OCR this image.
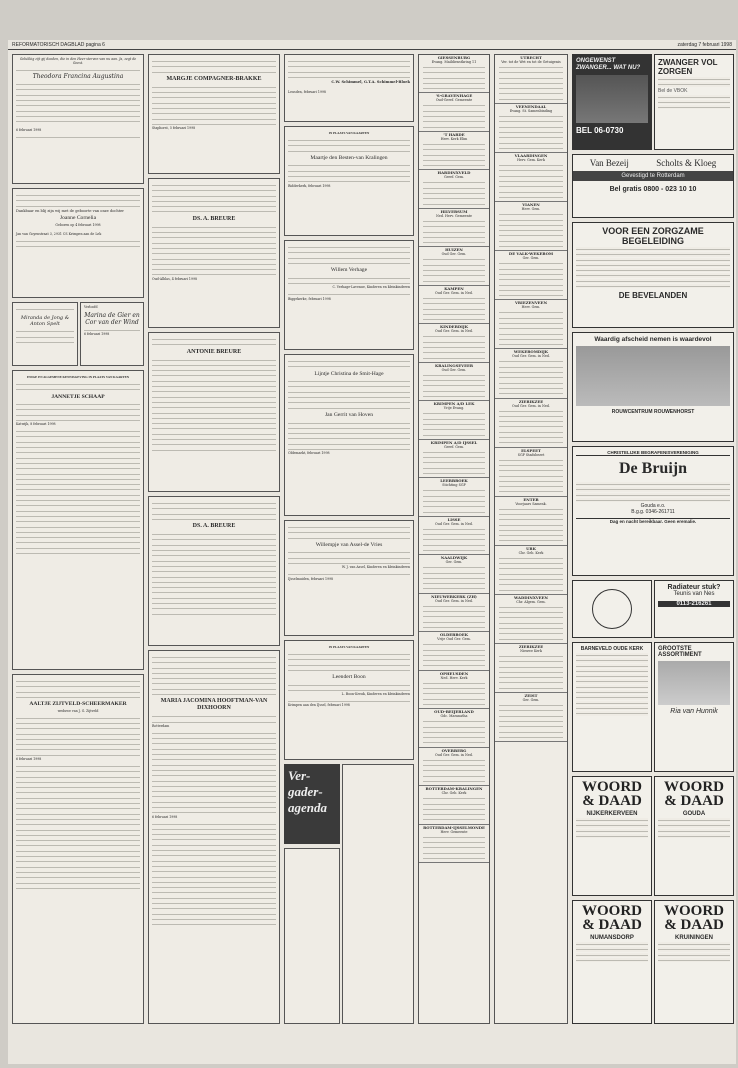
REFORMATORISCH DAGBLAD pagina 6	zaterdag 7 februari 1998

Gelukkig zijt gij dooden, die in den Heer sterven van nu aan. Ja, zegt de Geest.

Theodora Francina Augustina

6 februari 1998

Dankbaar en blij zijn wij met de geboorte van onze dochter

Joanne Cornelia

Geboren op 4 februari 1998

Jan van Goyenstraat 3, 2931 CS Krimpen aan de Lek

Miranda de Jong & Anton Spelt

Verloofd

Marina de Gier en Cor van der Wind

6 februari 1998

ENIGE EN ALGEMENE KENNISGEVING IN PLAATS VAN KAARTEN

JANNETJE SCHAAP

Katwijk, 8 februari 1998

AALTJE ZIJTVELD-SCHEERMAKER

weduwe van J. G. Zijtveld

6 februari 1998

MARGJE COMPAGNER-BRAKKE

Staphorst, 5 februari 1998

DS. A. BREURE

Oud-Alblas, 4 februari 1998

ANTONIE BREURE

DS. A. BREURE

MARIA JACOMINA HOOFTMAN-VAN DIXHOORN

Rotterdam

6 februari 1998

C.W. Schimmel, G.T.A. Schimmel-Bloek

Leusden, februari 1998

IN PLAATS VAN KAARTEN

Maartje den Besten-van Kralingen

Ridderkerk, februari 1998

Willem Verhage

C. Verhage-Lavenue, Kinderen en kleinkinderen

Biggekerke, februari 1998

Lijntje Christina de Smit-Hage

Jan Gerrit van Hoven

Oldemarkt, februari 1998

Willempje van Assel-de Vries

W. J. van Assel, Kinderen en kleinkinderen

IJsselmuiden, februari 1998

IN PLAATS VAN KAARTEN

Leendert Boon

L. Boon-Kreuk, Kinderen en kleinkinderen

Krimpen aan den IJssel, februari 1998

Ver-gader-agenda
GIESSENBURG
Evang. Maildienstkring 11
'S-GRAVENHAGE
Oud-Geref. Gemeente
'T HARDE
Herv. Kerk Elim
HARDINXVELD
Geref. Gem.
HILVERSUM
Ned. Herv. Gemeente
HUIZEN
Oud Ger. Gem.
KAMPEN
Oud Ger. Gem. in Ned.
KINDERDIJK
Oud Ger. Gem. in Ned.
KRALINGSEVEER
Oud Ger. Gem.
KRIMPEN A/D LEK
Vrije Evang.
KRIMPEN A/D IJSSEL
Geref. Gem.
LEERBROEK
Stichting SGP
LISSE
Oud Ger. Gem. in Ned.
NAALDWIJK
Ger. Gem.
NIEUWERKERK (ZH)
Oud Ger. Gem. in Ned.
OLDEBROEK
Vrije Oud Ger. Gem.
OPHEUSDEN
Ned. Herv. Kerk
OUD-BEIJERLAND
Gdc. Maranatha
OVERBERG
Oud Ger. Gem. in Ned.
ROTTERDAM-KRALINGEN
Chr. Geb. Kerk
ROTTERDAM-IJSSELMONDE
Herv. Gemeente
UTRECHT
Ver. tot de Wet en tot de Getuigenis
VEENENDAAL
Evang. St. Samenbinding
VLAARDINGEN
Herv. Gem. Kerk
VIANEN
Herv. Gem.
DE VALK-WEKEROM
Ger. Gem.
VRIEZENVEEN
Herv. Gem.
WEKEROMDIJK
Oud Ger. Gem. in Ned.
ZIERIKZEE
Oud Ger. Gem. in Ned.
ELSPEET
SGP Stadsbezet
ENTER
Voorjaars Samenk.
URK
Chr. Geb. Kerk
WADDINXVEEN
Chr. Algem. Gem.
ZIERIKZEE
Nieuwe Kerk
ZEIST
Ger. Gem.

ONGEWENST ZWANGER... WAT NU?

BEL 06-0730

ZWANGER VOL ZORGEN

Bel de VBOK

Van Bezeij	Scholts & Kloeg

Gevestigd te Rotterdam

Bel gratis 0800 - 023 10 10

VOOR EEN ZORGZAME BEGELEIDING

DE BEVELANDEN

Waardig afscheid nemen is waardevol

ROUWCENTRUM ROUWENHORST

CHRISTELIJKE BEGRAFENISVERENIGING

De Bruijn

Gouda e.o.

B.g.g. 0346-261711

Dag en nacht bereikbaar. Geen eremalie.

Radiateur stuk?

Teunis van Nes

0113-216261

BARNEVELD OUDE KERK	GROOTSTE ASSORTIMENT

Ria van Hunnik

WOORD & DAAD

NIJKERKERVEEN

WOORD & DAAD

GOUDA

WOORD & DAAD

NUMANSDORP

WOORD & DAAD

KRUININGEN
